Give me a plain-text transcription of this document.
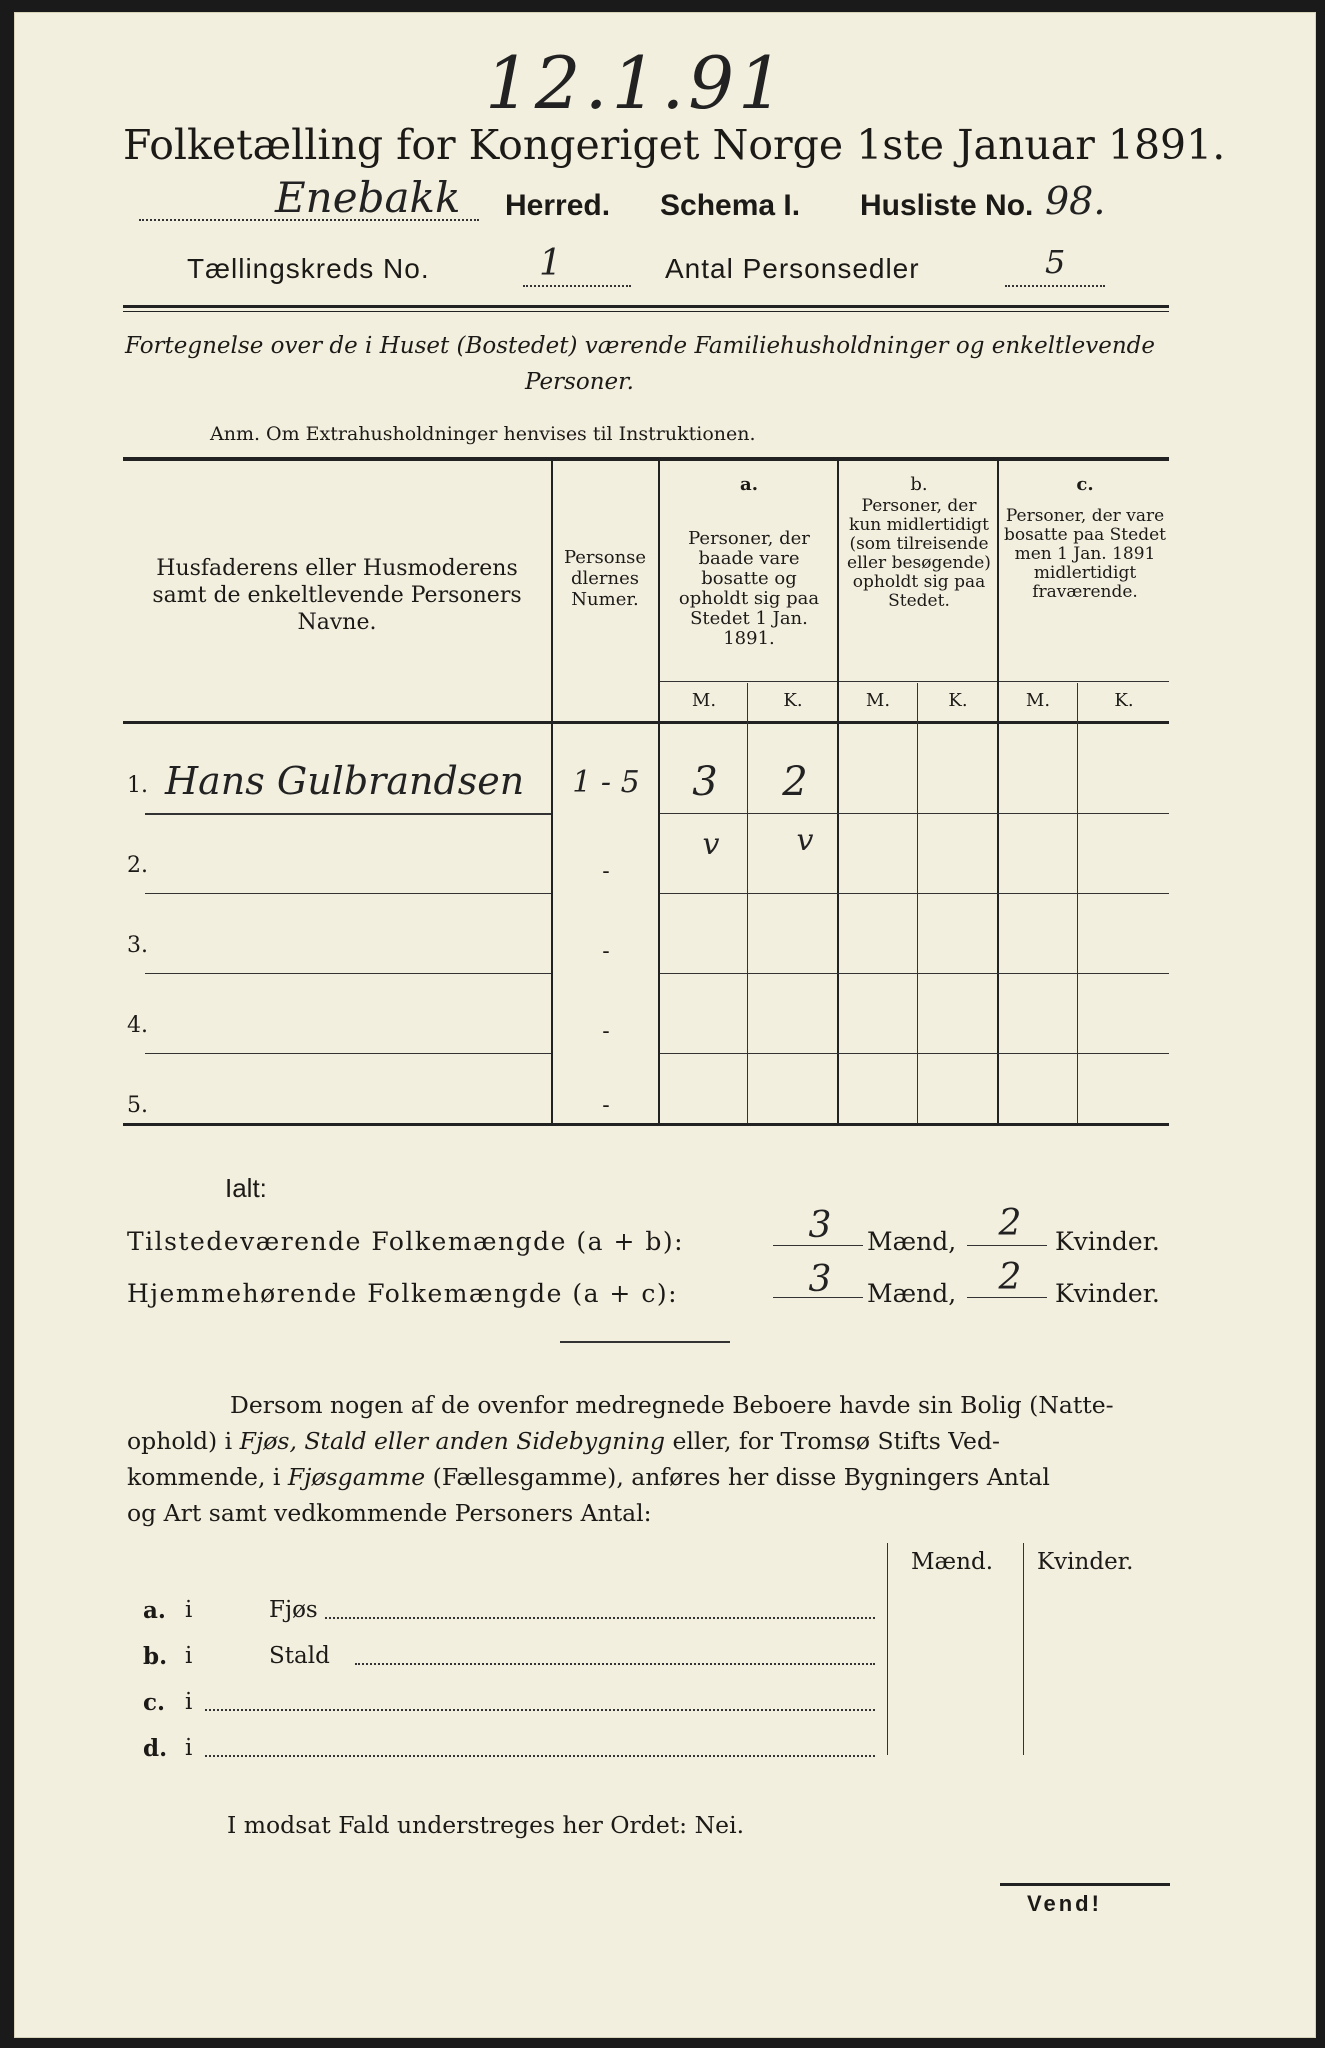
12.1.91
Folketælling for Kongeriget Norge 1ste Januar 1891.
Enebakk Herred. Schema I. Husliste No. 98.
Tællingskreds No.	1	Antal Personsedler	5
Fortegnelse over de i Huset (Bostedet) værende Familiehusholdninger og enkeltlevende
Personer.
Anm. Om Extrahusholdninger henvises til Instruktionen.
Husfaderens eller Husmoderens samt de enkeltlevende Personers Navne.
Personsedlernes Numer.
a.
Personer, der baade vare bosatte og opholdt sig paa Stedet 1 Jan. 1891.
b.
Personer, der kun midlertidigt (som tilreisende eller besøgende) opholdt sig paa Stedet.
c.
Personer, der vare bosatte paa Stedet men 1 Jan. 1891 midlertidigt fraværende.
M.	K.	M.	K.	M.	K.
1. Hans Gulbrandsen	1 - 5	3	2
v	v
2.	-
3.	-
4.	-
5.	-
Ialt:
Tilstedeværende Folkemængde (a + b):	3	Mænd,	2	Kvinder.
Hjemmehørende Folkemængde (a + c):	3	Mænd,	2	Kvinder.
Dersom nogen af de ovenfor medregnede Beboere havde sin Bolig (Natte-
ophold) i Fjøs, Stald eller anden Sidebygning eller, for Tromsø Stifts Ved-
kommende, i Fjøsgamme (Fællesgamme), anføres her disse Bygningers Antal
og Art samt vedkommende Personers Antal:
Mænd. Kvinder.
a. i	Fjøs
b. i	Stald
c. i
d. i
I modsat Fald understreges her Ordet: Nei.
Vend!
